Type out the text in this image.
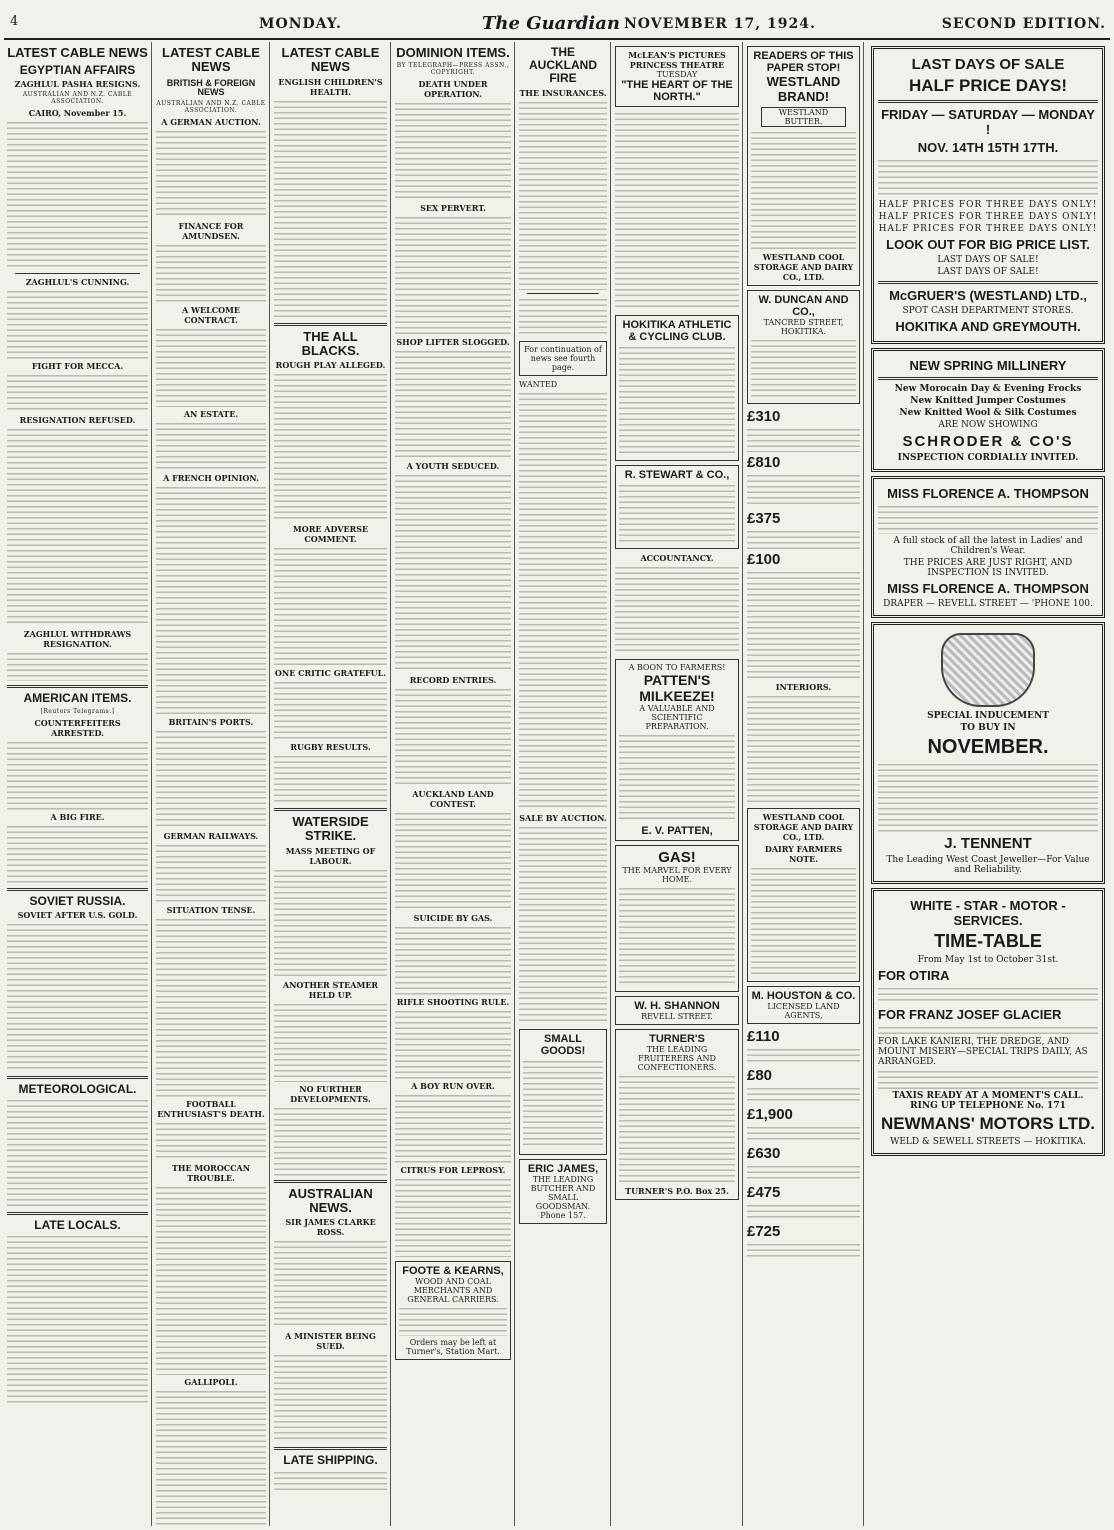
4	MONDAY.	The Guardian NOVEMBER 17, 1924.	SECOND EDITION.
LATEST CABLE NEWS
EGYPTIAN AFFAIRS
ZAGHLUL PASHA RESIGNS.
AUSTRALIAN AND N.Z. CABLE ASSOCIATION.
CAIRO, November 15.
ZAGHLUL'S CUNNING.
FIGHT FOR MECCA.
RESIGNATION REFUSED.
ZAGHLUL WITHDRAWS RESIGNATION.
AMERICAN ITEMS.
[Reuters Telegrams.]
COUNTERFEITERS ARRESTED.
A BIG FIRE.
SOVIET RUSSIA.
SOVIET AFTER U.S. GOLD.
METEOROLOGICAL.
LATE LOCALS.
LATEST CABLE NEWS
BRITISH & FOREIGN NEWS
AUSTRALIAN AND N.Z. CABLE ASSOCIATION.
A GERMAN AUCTION.
FINANCE FOR AMUNDSEN.
A WELCOME CONTRACT.
AN ESTATE.
A FRENCH OPINION.
BRITAIN'S PORTS.
GERMAN RAILWAYS.
SITUATION TENSE.
FOOTBALL ENTHUSIAST'S DEATH.
THE MOROCCAN TROUBLE.
GALLIPOLI.
LATEST CABLE NEWS
ENGLISH CHILDREN'S HEALTH.
THE ALL BLACKS.
ROUGH PLAY ALLEGED.
MORE ADVERSE COMMENT.
ONE CRITIC GRATEFUL.
RUGBY RESULTS.
WATERSIDE STRIKE.
MASS MEETING OF LABOUR.
ANOTHER STEAMER HELD UP.
NO FURTHER DEVELOPMENTS.
AUSTRALIAN NEWS.
SIR JAMES CLARKE ROSS.
A MINISTER BEING SUED.
LATE SHIPPING.
DOMINION ITEMS.
BY TELEGRAPH—PRESS ASSN., COPYRIGHT.
DEATH UNDER OPERATION.
SEX PERVERT.
SHOP LIFTER SLOGGED.
A YOUTH SEDUCED.
RECORD ENTRIES.
AUCKLAND LAND CONTEST.
SUICIDE BY GAS.
RIFLE SHOOTING RULE.
A BOY RUN OVER.
CITRUS FOR LEPROSY.
FOOTE & KEARNS,
WOOD AND COAL MERCHANTS AND GENERAL CARRIERS.
Orders may be left at Turner's, Station Mart.
THE AUCKLAND FIRE
THE INSURANCES.
For continuation of news see fourth page.
WANTED
SALE BY AUCTION.
SMALL GOODS!
ERIC JAMES,
THE LEADING BUTCHER AND SMALL GOODSMAN.
Phone 157.
McLEAN'S PICTURES PRINCESS THEATRE
TUESDAY
"THE HEART OF THE NORTH."
HOKITIKA ATHLETIC & CYCLING CLUB.
R. STEWART & CO.,
ACCOUNTANCY.
A BOON TO FARMERS!
PATTEN'S MILKEEZE!
A VALUABLE AND SCIENTIFIC PREPARATION.
E. V. PATTEN,
GAS!
THE MARVEL FOR EVERY HOME.
W. H. SHANNON
REVELL STREET.
TURNER'S
THE LEADING FRUITERERS AND CONFECTIONERS.
TURNER'S P.O. Box 25.
READERS OF THIS PAPER STOP!
WESTLAND BRAND!
WESTLAND BUTTER.
WESTLAND COOL STORAGE AND DAIRY CO., LTD.
W. DUNCAN AND CO.,
TANCRED STREET, HOKITIKA.
£310
£810
£375
£100
INTERIORS.
WESTLAND COOL STORAGE AND DAIRY CO., LTD.
DAIRY FARMERS NOTE.
M. HOUSTON & CO.
LICENSED LAND AGENTS,
£110
£80
£1,900
£630
£475
£725
LAST DAYS OF SALE
HALF PRICE DAYS!
FRIDAY — SATURDAY — MONDAY !
NOV. 14TH 15TH 17TH.
HALF PRICES FOR THREE DAYS ONLY!
HALF PRICES FOR THREE DAYS ONLY!
HALF PRICES FOR THREE DAYS ONLY!
LOOK OUT FOR BIG PRICE LIST.
LAST DAYS OF SALE!
LAST DAYS OF SALE!
McGRUER'S (WESTLAND) LTD.,
SPOT CASH DEPARTMENT STORES.
HOKITIKA AND GREYMOUTH.
NEW SPRING MILLINERY
New Morocain Day & Evening Frocks
New Knitted Jumper Costumes
New Knitted Wool & Silk Costumes
ARE NOW SHOWING
SCHRODER & CO'S
INSPECTION CORDIALLY INVITED.
MISS FLORENCE A. THOMPSON
A full stock of all the latest in Ladies' and Children's Wear.
THE PRICES ARE JUST RIGHT, AND INSPECTION IS INVITED.
MISS FLORENCE A. THOMPSON
DRAPER — REVELL STREET — 'PHONE 100.
SPECIAL INDUCEMENT
TO BUY IN
NOVEMBER.
J. TENNENT
The Leading West Coast Jeweller—For Value and Reliability.
WHITE - STAR - MOTOR - SERVICES.
TIME-TABLE
From May 1st to October 31st.
FOR OTIRA
FOR FRANZ JOSEF GLACIER
FOR LAKE KANIERI, THE DREDGE, AND MOUNT MISERY—SPECIAL TRIPS DAILY, AS ARRANGED.
TAXIS READY AT A MOMENT'S CALL. RING UP TELEPHONE No. 171
NEWMANS' MOTORS LTD.
WELD & SEWELL STREETS — HOKITIKA.
